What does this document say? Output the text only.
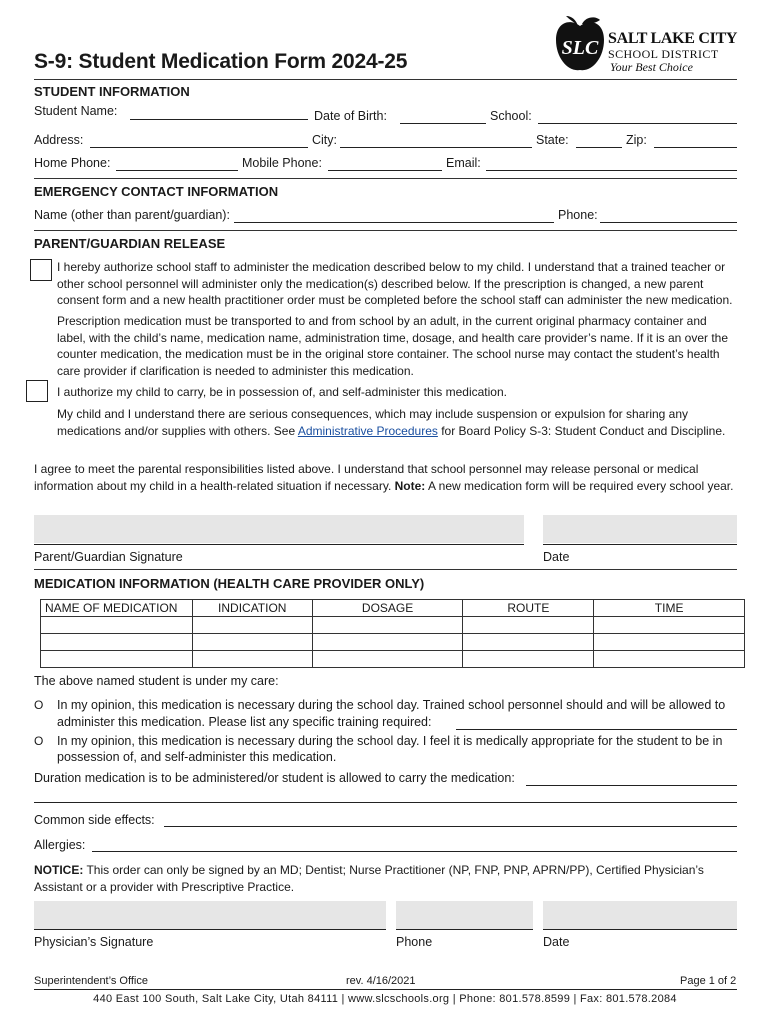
S-9: Student Medication Form 2024-25
SLC SALT LAKE CITY
SCHOOL DISTRICT
Your Best Choice
STUDENT INFORMATION
Student Name:	Date of Birth:	School:
Address:	City:	State:	Zip:
Home Phone:	Mobile Phone:	Email:
EMERGENCY CONTACT INFORMATION
Name (other than parent/guardian):	Phone:
PARENT/GUARDIAN RELEASE
I hereby authorize school staff to administer the medication described below to my child. I understand that a trained teacher or other school personnel will administer only the medication(s) described below. If the prescription is changed, a new parent consent form and a new health practitioner order must be completed before the school staff can administer the new medication.
Prescription medication must be transported to and from school by an adult, in the current original pharmacy container and label, with the child’s name, medication name, administration time, dosage, and health care provider’s name. If it is an over the counter medication, the medication must be in the original store container. The school nurse may contact the student’s health care provider if clarification is needed to administer this medication.
I authorize my child to carry, be in possession of, and self-administer this medication.
My child and I understand there are serious consequences, which may include suspension or expulsion for sharing any medications and/or supplies with others. See Administrative Procedures for Board Policy S-3: Student Conduct and Discipline.
I agree to meet the parental responsibilities listed above. I understand that school personnel may release personal or medical information about my child in a health-related situation if necessary. Note: A new medication form will be required every school year.
Parent/Guardian Signature	Date
MEDICATION INFORMATION (HEALTH CARE PROVIDER ONLY)
NAME OF MEDICATION	INDICATION	DOSAGE	ROUTE	TIME

The above named student is under my care:
O In my opinion, this medication is necessary during the school day. Trained school personnel should and will be allowed to
administer this medication. Please list any specific training required:
O In my opinion, this medication is necessary during the school day. I feel it is medically appropriate for the student to be in
possession of, and self-administer this medication.
Duration medication is to be administered/or student is allowed to carry the medication:
Common side effects:
Allergies:
NOTICE: This order can only be signed by an MD; Dentist; Nurse Practitioner (NP, FNP, PNP, APRN/PP), Certified Physician’s Assistant or a provider with Prescriptive Practice.
Physician’s Signature	Phone	Date
Superintendent’s Office	rev. 4/16/2021	Page 1 of 2
440 East 100 South, Salt Lake City, Utah 84111 | www.slcschools.org | Phone: 801.578.8599 | Fax: 801.578.2084
